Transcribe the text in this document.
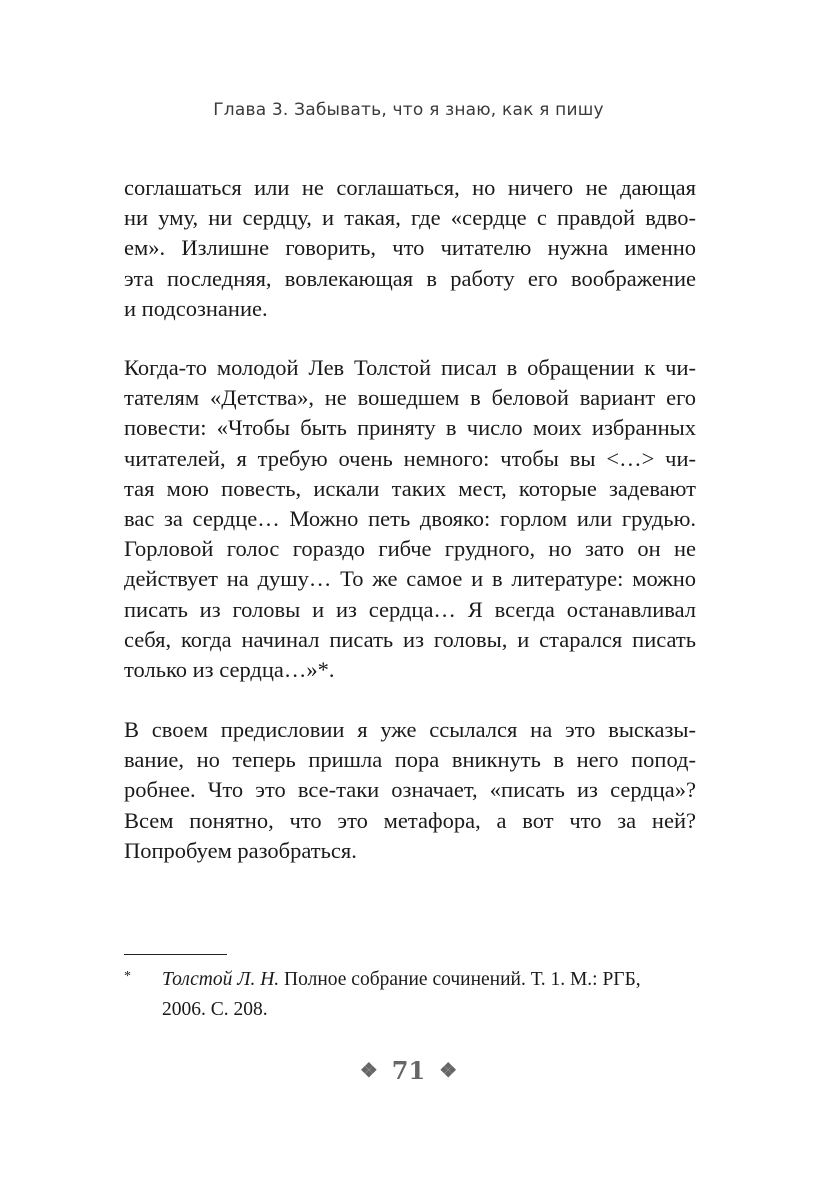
Глава 3. Забывать, что я знаю, как я пишу
соглашаться или не соглашаться, но ничего не дающая
ни уму, ни сердцу, и такая, где «сердце с правдой вдво-
ем». Излишне говорить, что читателю нужна именно
эта последняя, вовлекающая в работу его воображение
и подсознание.
Когда-то молодой Лев Толстой писал в обращении к чи-
тателям «Детства», не вошедшем в беловой вариант его
повести: «Чтобы быть приняту в число моих избранных
читателей, я требую очень немного: чтобы вы <…> чи-
тая мою повесть, искали таких мест, которые задевают
вас за сердце… Можно петь двояко: горлом или грудью.
Горловой голос гораздо гибче грудного, но зато он не
действует на душу… То же самое и в литературе: можно
писать из головы и из сердца… Я всегда останавливал
себя, когда начинал писать из головы, и старался писать
только из сердца…»*.
В своем предисловии я уже ссылался на это высказы-
вание, но теперь пришла пора вникнуть в него попод-
робнее. Что это все-таки означает, «писать из сердца»?
Всем понятно, что это метафора, а вот что за ней?
Попробуем разобраться.
* Толстой Л. Н. Полное собрание сочинений. Т. 1. М.: РГБ,
2006. С. 208.
❖ 71 ❖
